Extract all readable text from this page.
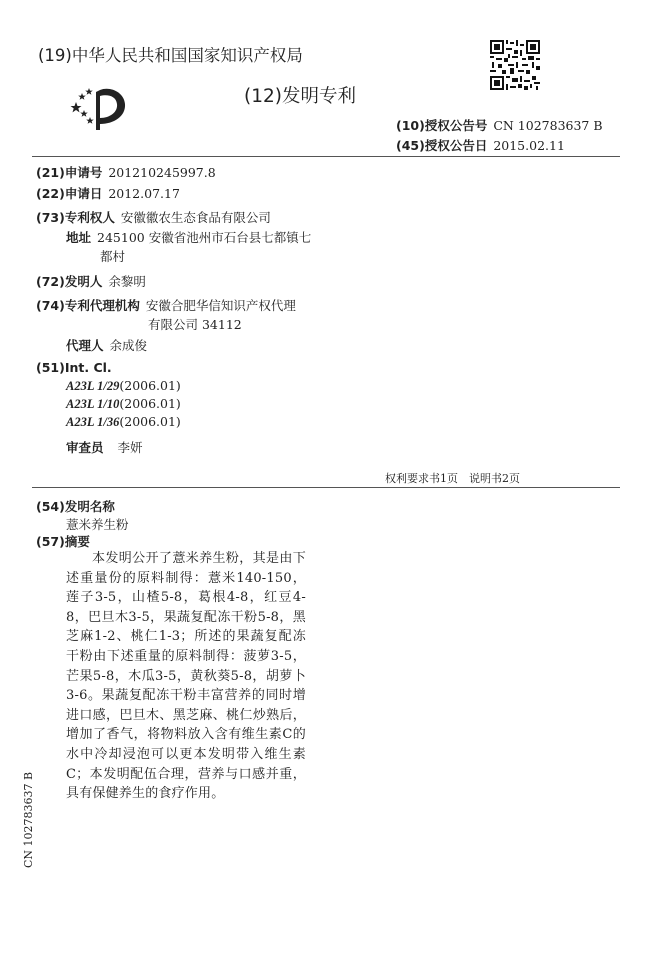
(19)中华人民共和国国家知识产权局
(12)发明专利
(10)授权公告号 CN 102783637 B
(45)授权公告日 2015.02.11
(21)申请号 201210245997.8
(22)申请日 2012.07.17
(73)专利权人 安徽徽农生态食品有限公司
地址 245100 安徽省池州市石台县七都镇七
都村
(72)发明人 余黎明
(74)专利代理机构 安徽合肥华信知识产权代理
有限公司 34112
代理人 余成俊
(51)Int. Cl.
A23L 1/29(2006.01)
A23L 1/10(2006.01)
A23L 1/36(2006.01)
审查员 李妍
权利要求书1页　说明书2页
(54)发明名称
薏米养生粉
(57)摘要
本发明公开了薏米养生粉，其是由下述重量份的原料制得：薏米140-150，莲子3-5，山楂5-8，葛根4-8，红豆4-8，巴旦木3-5，果蔬复配冻干粉5-8，黑芝麻1-2、桃仁1-3；所述的果蔬复配冻干粉由下述重量的原料制得：菠萝3-5，芒果5-8，木瓜3-5，黄秋葵5-8，胡萝卜3-6。果蔬复配冻干粉丰富营养的同时增进口感，巴旦木、黑芝麻、桃仁炒熟后，增加了香气，将物料放入含有维生素C的水中冷却浸泡可以更本发明带入维生素C；本发明配伍合理，营养与口感并重，具有保健养生的食疗作用。
CN 102783637 B
